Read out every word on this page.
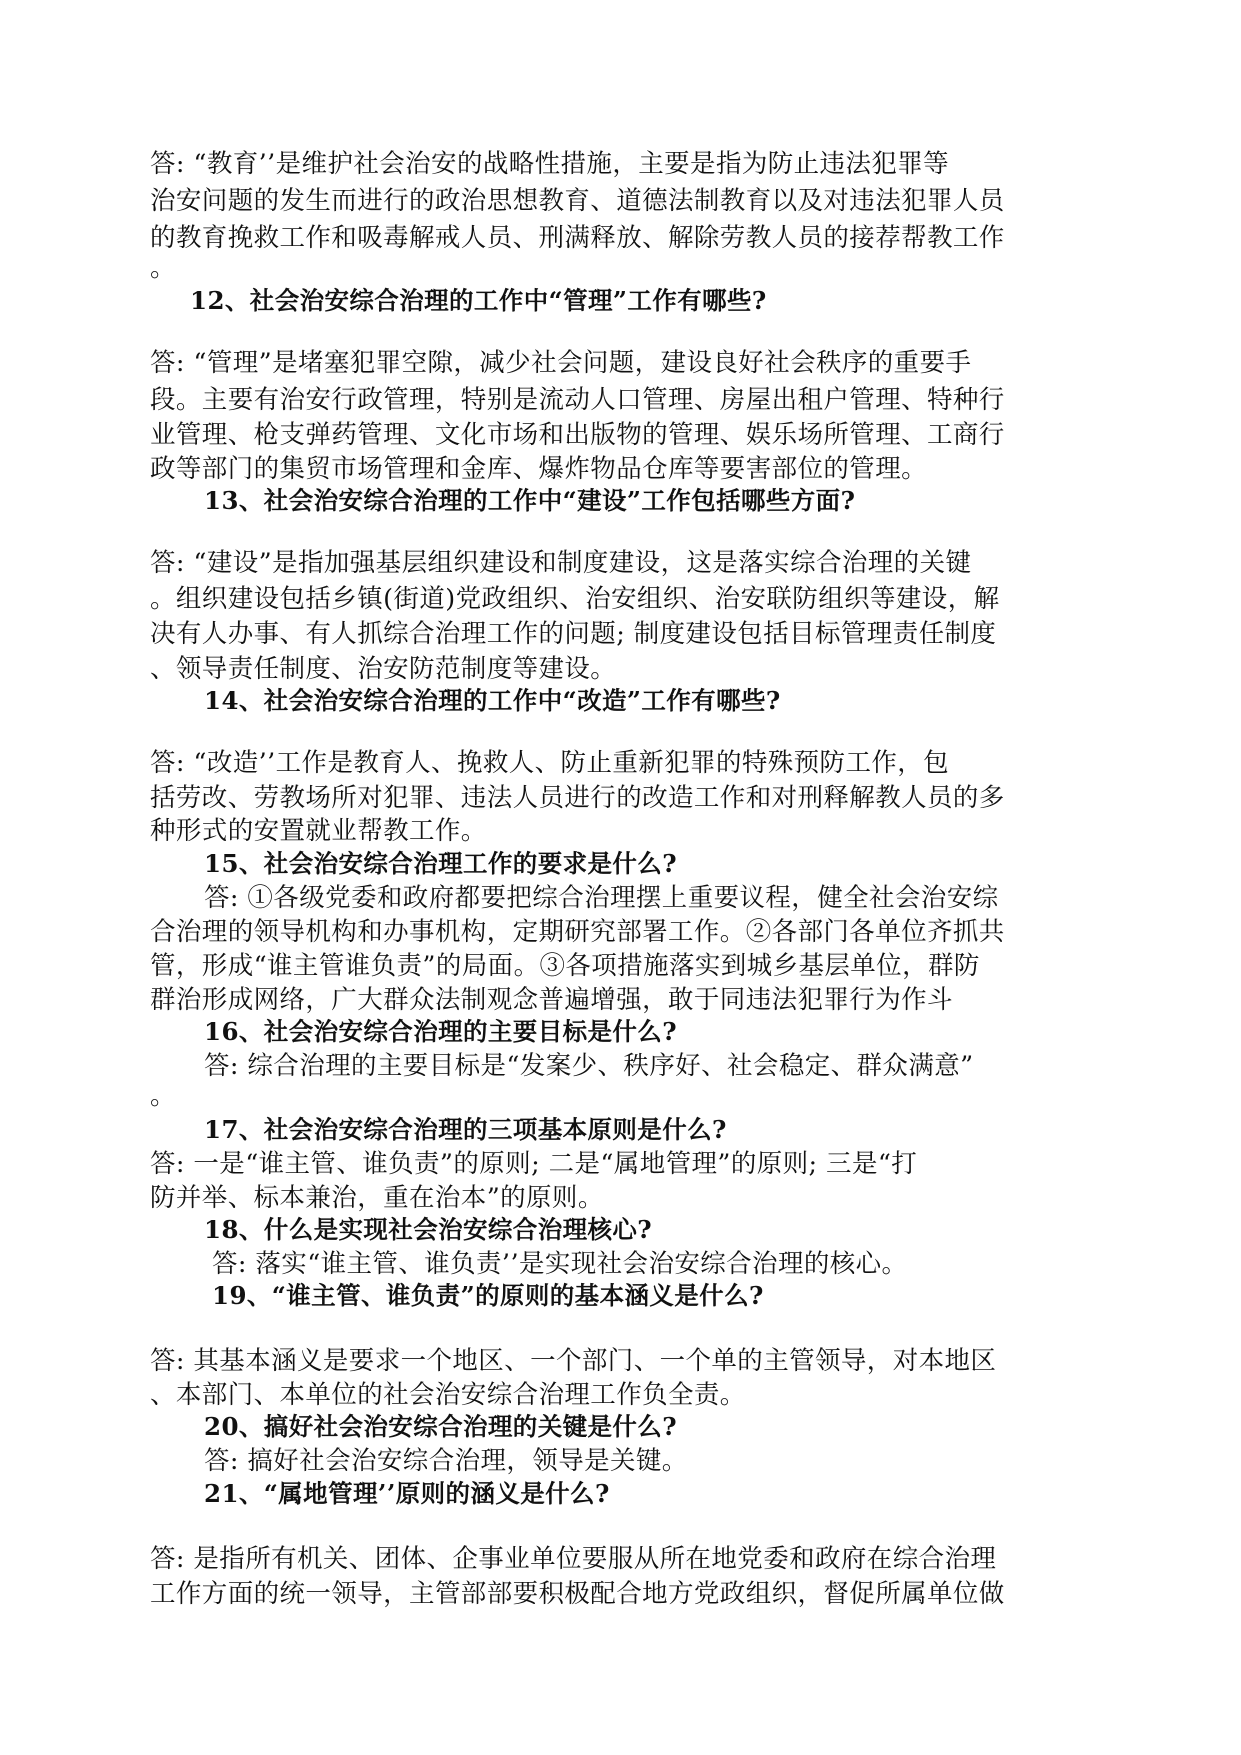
答: “教育’’是维护社会治安的战略性措施，主要是指为防止违法犯罪等
治安问题的发生而进行的政治思想教育、道德法制教育以及对违法犯罪人员
的教育挽救工作和吸毒解戒人员、刑满释放、解除劳教人员的接荐帮教工作
。
12、社会治安综合治理的工作中“管理”工作有哪些?
答: “管理”是堵塞犯罪空隙，减少社会问题，建设良好社会秩序的重要手
段。主要有治安行政管理，特别是流动人口管理、房屋出租户管理、特种行
业管理、枪支弹药管理、文化市场和出版物的管理、娱乐场所管理、工商行
政等部门的集贸市场管理和金库、爆炸物品仓库等要害部位的管理。
13、社会治安综合治理的工作中“建设”工作包括哪些方面?
答: “建设”是指加强基层组织建设和制度建设，这是落实综合治理的关键
。组织建设包括乡镇(街道)党政组织、治安组织、治安联防组织等建设，解
决有人办事、有人抓综合治理工作的问题; 制度建设包括目标管理责任制度
、领导责任制度、治安防范制度等建设。
14、社会治安综合治理的工作中“改造”工作有哪些?
答: “改造’’工作是教育人、挽救人、防止重新犯罪的特殊预防工作，包
括劳改、劳教场所对犯罪、违法人员进行的改造工作和对刑释解教人员的多
种形式的安置就业帮教工作。
15、社会治安综合治理工作的要求是什么?
答: ①各级党委和政府都要把综合治理摆上重要议程，健全社会治安综
合治理的领导机构和办事机构，定期研究部署工作。②各部门各单位齐抓共
管，形成“谁主管谁负责”的局面。③各项措施落实到城乡基层单位，群防
群治形成网络，广大群众法制观念普遍增强，敢于同违法犯罪行为作斗
16、社会治安综合治理的主要目标是什么?
答: 综合治理的主要目标是“发案少、秩序好、社会稳定、群众满意”
。
17、社会治安综合治理的三项基本原则是什么?
答: 一是“谁主管、谁负责”的原则; 二是“属地管理”的原则; 三是“打
防并举、标本兼治，重在治本”的原则。
18、什么是实现社会治安综合治理核心?
答: 落实“谁主管、谁负责’’是实现社会治安综合治理的核心。
19、“谁主管、谁负责”的原则的基本涵义是什么?
答: 其基本涵义是要求一个地区、一个部门、一个单的主管领导，对本地区
、本部门、本单位的社会治安综合治理工作负全责。
20、搞好社会治安综合治理的关键是什么?
答: 搞好社会治安综合治理，领导是关键。
21、“属地管理’’原则的涵义是什么?
答: 是指所有机关、团体、企事业单位要服从所在地党委和政府在综合治理
工作方面的统一领导，主管部部要积极配合地方党政组织，督促所属单位做
